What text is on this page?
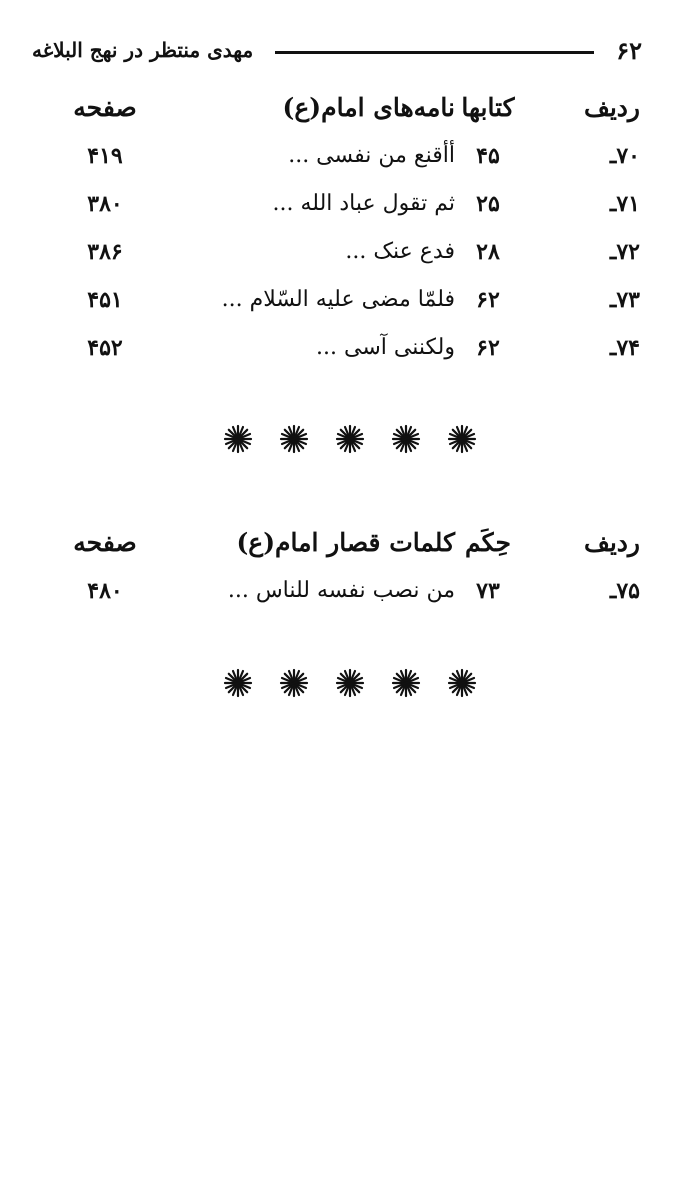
۶۲
مهدی منتظر در نهج البلاغه
ردیف
کتابها
نامه‌های امام(ع)
صفحه
۷۰ـ
۴۵
أأقنع من نفسی ...
۴۱۹
۷۱ـ
۲۵
ثم تقول عباد الله ...
۳۸۰
۷۲ـ
۲۸
فدع عنک ...
۳۸۶
۷۳ـ
۶۲
فلمّا مضی علیه السّلام ...
۴۵۱
۷۴ـ
۶۲
ولکننی آسی ...
۴۵۲
ردیف
حِکَم
کلمات قصار امام(ع)
صفحه
۷۵ـ
۷۳
من نصب نفسه للناس ...
۴۸۰
